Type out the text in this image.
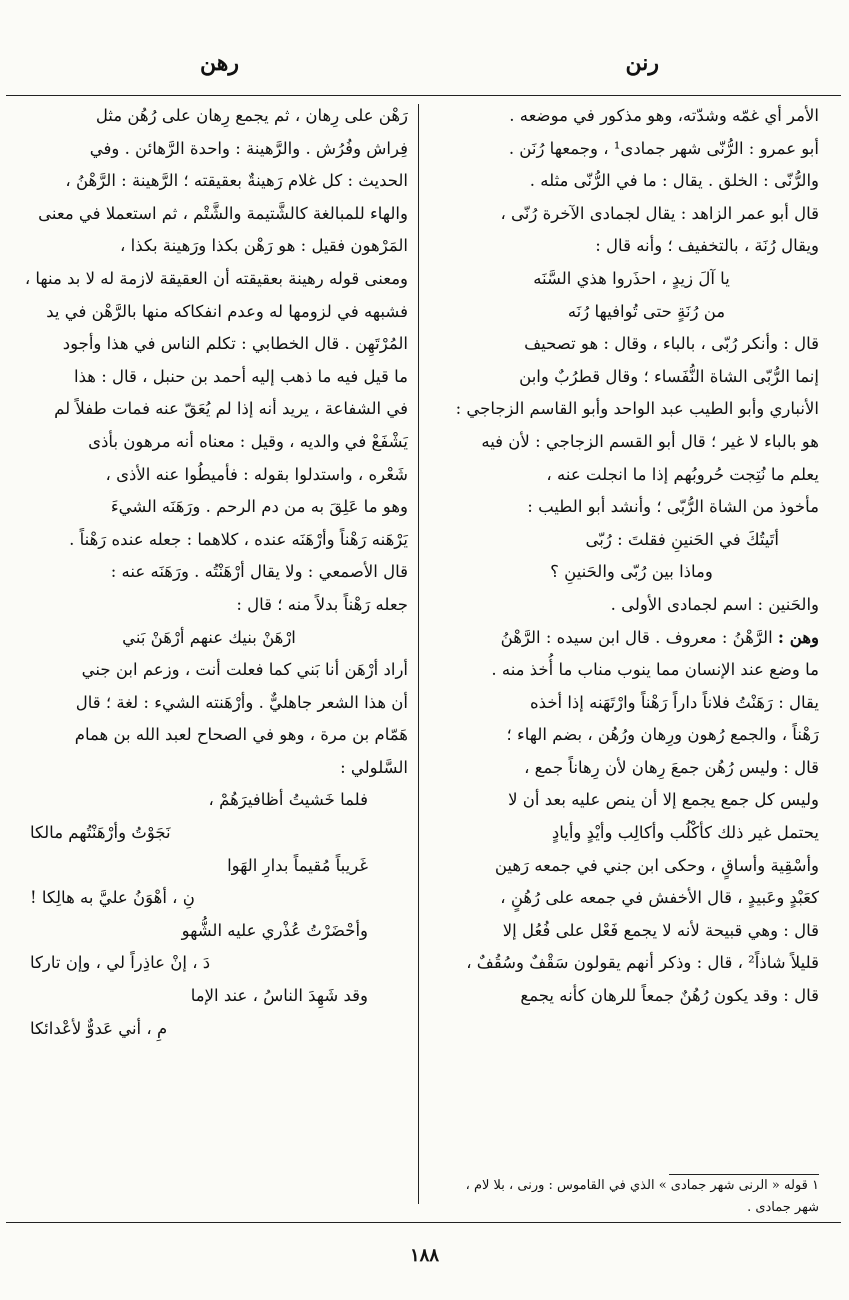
رنن
رهن

الأمر أي غمّه وشدّته، وهو مذكور في موضعه .

أبو عمرو : الرُّنّى شهر جمادى¹ ، وجمعها رُنَن .

والرُّنّى : الخلق . يقال : ما في الرُّنّى مثله .

قال أبو عمر الزاهد : يقال لجمادى الآخرة رُنّى ،

ويقال رُنَة ، بالتخفيف ؛ وأنه قال :

يا آلَ زيدٍ ، احذَروا هذي السَّنَه

من رُنَةٍ حتى تُوافيها رُنَه

قال : وأنكر رُبّى ، بالباء ، وقال : هو تصحيف

إنما الرُّبّى الشاة النُّفَساء ؛ وقال قطرُبٌ وابن

الأنباري وأبو الطيب عبد الواحد وأبو القاسم الزجاجي :

هو بالباء لا غير ؛ قال أبو القسم الزجاجي : لأن فيه

يعلم ما نُتِجت حُروبُهم إذا ما انجلت عنه ،

مأخوذ من الشاة الرُّبّى ؛ وأنشد أبو الطيب :

أتَيتُكَ في الحَنينِ فقلتَ : رُبّى

وماذا بين رُبّى والحَنينِ ؟

والحَنين : اسم لجمادى الأولى .

وهن : الرَّهْنُ : معروف . قال ابن سيده : الرَّهْنُ

ما وضع عند الإنسان مما ينوب مناب ما أُخذ منه .

يقال : رَهَنْتُ فلاناً داراً رَهْناً وارْتَهَنه إذا أخذه

رَهْناً ، والجمع رُهون ورِهان ورُهُن ، بضم الهاء ؛

قال : وليس رُهُن جمعَ رِهان لأن رِهاناً جمع ،

وليس كل جمع يجمع إلا أن ينص عليه بعد أن لا

يحتمل غير ذلك كأكْلُب وأكالِب وأيْدٍ وأيادٍ

وأسْقِية وأساقٍ ، وحكى ابن جني في جمعه رَهين

كعَبْدٍ وعَبيدٍ ، قال الأخفش في جمعه على رُهُنٍ ،

قال : وهي قبيحة لأنه لا يجمع فَعْل على فُعُل إلا

قليلاً شاذاً² ، قال : وذكر أنهم يقولون سَقْفٌ وسُقُفٌ ،

قال : وقد يكون رُهُنٌ جمعاً للرهان كأنه يجمع

١ قوله « الرنى شهر جمادى » الذي في القاموس : ورنى ، بلا لام ، شهر جمادى .

رَهْن على رِهان ، ثم يجمع رِهان على رُهُن مثل

فِراش وفُرُش . والرَّهينة : واحدة الرَّهائن . وفي

الحديث : كل غلام رَهينةٌ بعقيقته ؛ الرَّهينة : الرَّهْنُ ،

والهاء للمبالغة كالشَّتيمة والشَّتْم ، ثم استعملا في معنى

المَرْهون فقيل : هو رَهْن بكذا ورَهينة بكذا ،

ومعنى قوله رهينة بعقيقته أن العقيقة لازمة له لا بد منها ،

فشبهه في لزومها له وعدم انفكاكه منها بالرَّهْن في يد

المُرْتَهِن . قال الخطابي : تكلم الناس في هذا وأجود

ما قيل فيه ما ذهب إليه أحمد بن حنبل ، قال : هذا

في الشفاعة ، يريد أنه إذا لم يُعَقّ عنه فمات طفلاً لم

يَشْفَعْ في والديه ، وقيل : معناه أنه مرهون بأذى

شَعْره ، واستدلوا بقوله : فأميطُوا عنه الأذى ،

وهو ما عَلِقَ به من دم الرحم . ورَهَنَه الشيءَ

يَرْهَنه رَهْناً وأرْهَنَه عنده ، كلاهما : جعله عنده رَهْناً .

قال الأصمعي : ولا يقال أرْهَنْتُه . ورَهَنَه عنه :

جعله رَهْناً بدلاً منه ؛ قال :

ارْهَنْ بنيك عنهم أرْهَنْ بَني

أراد أرْهَن أنا بَني كما فعلت أنت ، وزعم ابن جني

أن هذا الشعر جاهليٌّ . وأرْهَنته الشيء : لغة ؛ قال

هَمّام بن مرة ، وهو في الصحاح لعبد الله بن همام

السَّلولي :

فلما خَشيتُ أظافيرَهُمْ ،

نَجَوْتُ وأرْهَنْتُهم مالكا

غَريباً مُقيماً بدارِ الهَوا

نِ ، أهْوَنُ عليَّ به هالِكا !

وأحْضَرْتُ عُذْري عليه الشُّهو

دَ ، إنْ عاذِراً لي ، وإن تاركا

وقد شَهِدَ الناسُ ، عند الإما

مِ ، أني عَدوٌّ لأعْدائكا

١٨٨
